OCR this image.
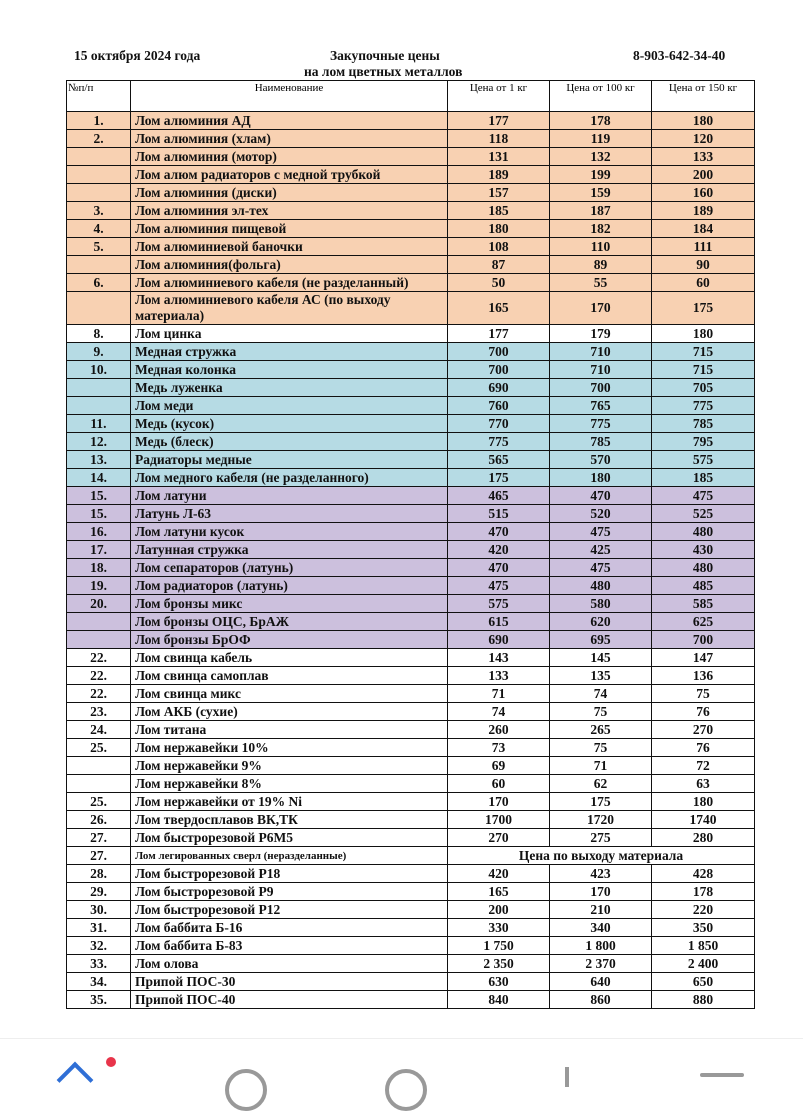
15 октября 2024 года	Закупочные цены
на лом цветных металлов
8-903-642-34-40
№п/п	Наименование	Цена от 1 кг	Цена от 100 кг	Цена от 150 кг
1.	Лом алюминия АД	177	178	180
2.	Лом алюминия (хлам)	118	119	120
	Лом алюминия (мотор)	131	132	133
	Лом алюм радиаторов с медной трубкой	189	199	200
	Лом алюминия (диски)	157	159	160
3.	Лом алюминия эл-тех	185	187	189
4.	Лом алюминия пищевой	180	182	184
5.	Лом алюминиевой баночки	108	110	111
	Лом алюминия(фольга)	87	89	90
6.	Лом алюминиевого кабеля (не разделанный)	50	55	60
	Лом алюминиевого кабеля АС (по выходу материала)	165	170	175
8.	Лом цинка	177	179	180
9.	Медная стружка	700	710	715
10.	Медная колонка	700	710	715
	Медь луженка	690	700	705
	Лом меди	760	765	775
11.	Медь (кусок)	770	775	785
12.	Медь (блеск)	775	785	795
13.	Радиаторы медные	565	570	575
14.	Лом медного кабеля (не разделанного)	175	180	185
15.	Лом латуни	465	470	475
15.	Латунь Л-63	515	520	525
16.	Лом латуни кусок	470	475	480
17.	Латунная стружка	420	425	430
18.	Лом сепараторов (латунь)	470	475	480
19.	Лом радиаторов (латунь)	475	480	485
20.	Лом бронзы микс	575	580	585
	Лом бронзы ОЦС, БрАЖ	615	620	625
	Лом бронзы БрОФ	690	695	700
22.	Лом свинца кабель	143	145	147
22.	Лом свинца самоплав	133	135	136
22.	Лом свинца микс	71	74	75
23.	Лом АКБ (сухие)	74	75	76
24.	Лом титана	260	265	270
25.	Лом нержавейки 10%	73	75	76
	Лом нержавейки 9%	69	71	72
	Лом нержавейки 8%	60	62	63
25.	Лом нержавейки от 19% Ni	170	175	180
26.	Лом твердосплавов ВК,ТК	1700	1720	1740
27.	Лом быстрорезовой Р6М5	270	275	280
27.	Лом легированных сверл (неразделанные)	Цена по выходу материала		
28.	Лом быстрорезовой Р18	420	423	428
29.	Лом быстрорезовой Р9	165	170	178
30.	Лом быстрорезовой Р12	200	210	220
31.	Лом баббита Б-16	330	340	350
32.	Лом баббита Б-83	1 750	1 800	1 850
33.	Лом олова	2 350	2 370	2 400
34.	Припой ПОС-30	630	640	650
35.	Припой ПОС-40	840	860	880
